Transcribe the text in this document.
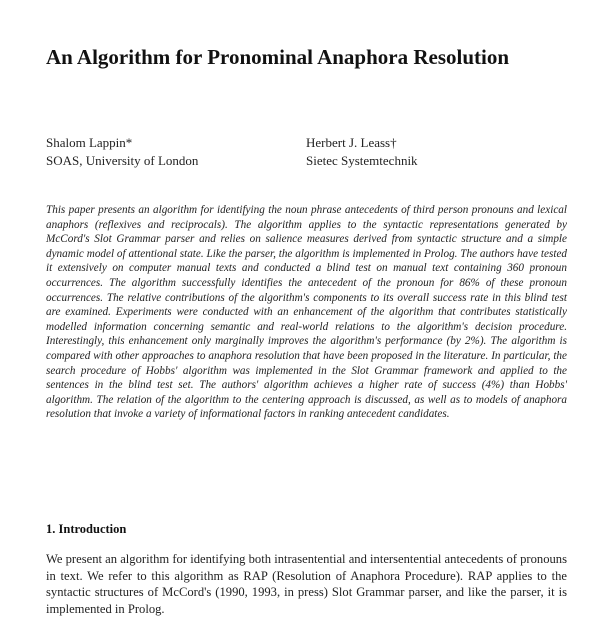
An Algorithm for Pronominal Anaphora Resolution
Shalom Lappin*
SOAS, University of London
Herbert J. Leass†
Sietec Systemtechnik

This paper presents an algorithm for identifying the noun phrase antecedents of third person pronouns and lexical anaphors (reflexives and reciprocals). The algorithm applies to the syntactic representations generated by McCord's Slot Grammar parser and relies on salience measures derived from syntactic structure and a simple dynamic model of attentional state. Like the parser, the algorithm is implemented in Prolog. The authors have tested it extensively on computer manual texts and conducted a blind test on manual text containing 360 pronoun occurrences. The algorithm successfully identifies the antecedent of the pronoun for 86% of these pronoun occurrences. The relative contributions of the algorithm's components to its overall success rate in this blind test are examined. Experiments were conducted with an enhancement of the algorithm that contributes statistically modelled information concerning semantic and real-world relations to the algorithm's decision procedure. Interestingly, this enhancement only marginally improves the algorithm's performance (by 2%). The algorithm is compared with other approaches to anaphora resolution that have been proposed in the literature. In particular, the search procedure of Hobbs' algorithm was implemented in the Slot Grammar framework and applied to the sentences in the blind test set. The authors' algorithm achieves a higher rate of success (4%) than Hobbs' algorithm. The relation of the algorithm to the centering approach is discussed, as well as to models of anaphora resolution that invoke a variety of informational factors in ranking antecedent candidates.

1. Introduction

We present an algorithm for identifying both intrasentential and intersentential antecedents of pronouns in text. We refer to this algorithm as RAP (Resolution of Anaphora Procedure). RAP applies to the syntactic structures of McCord's (1990, 1993, in press) Slot Grammar parser, and like the parser, it is implemented in Prolog.
